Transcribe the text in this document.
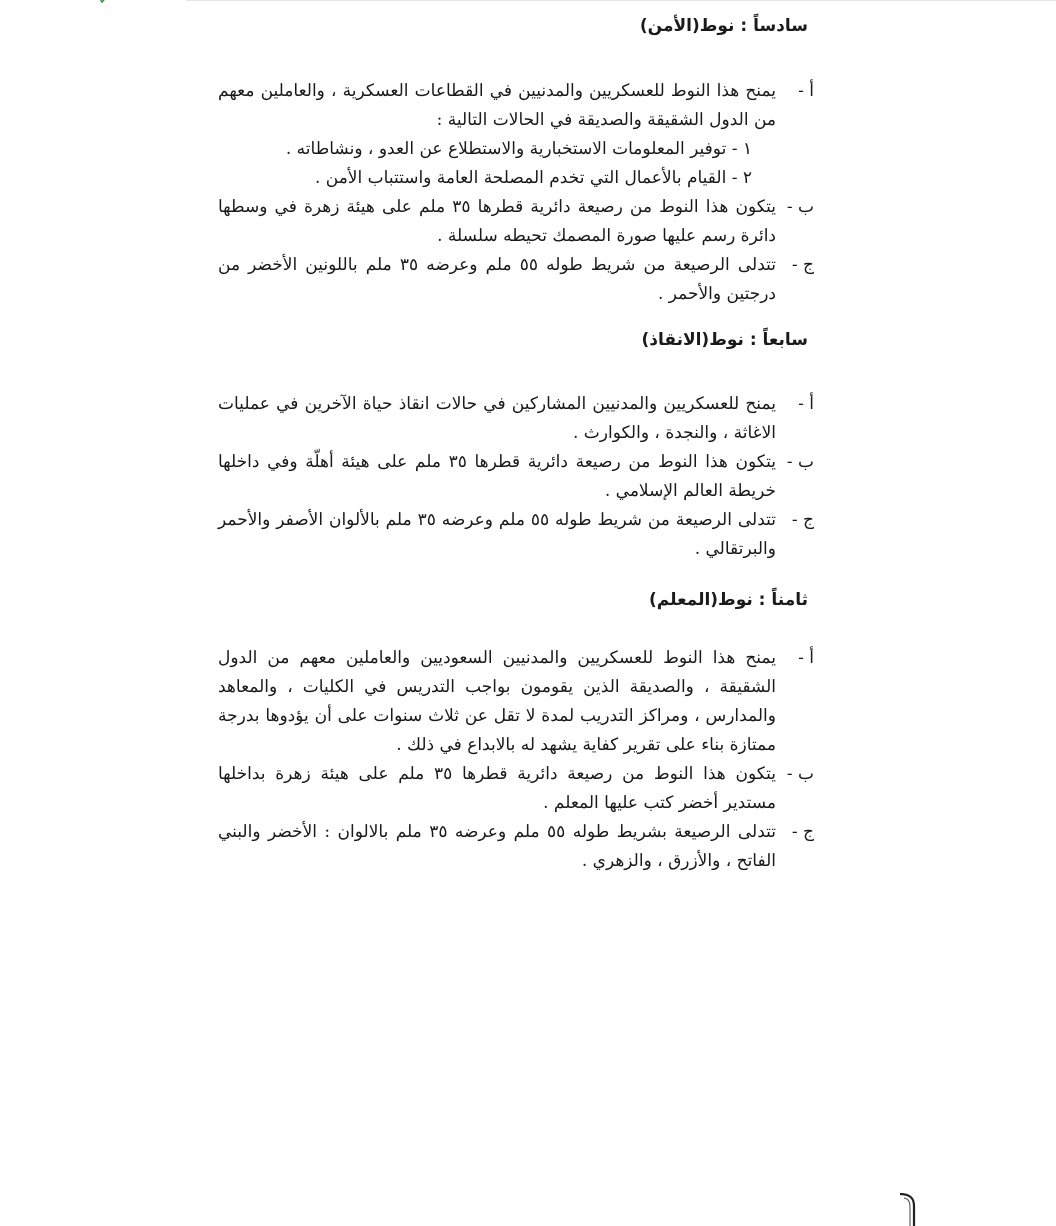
سادساً : نوط(الأمن)
أ -
يمنح هذا النوط للعسكريين والمدنيين في القطاعات العسكرية ، والعاملين معهم من الدول الشقيقة والصديقة في الحالات التالية :
١ - توفير المعلومات الاستخبارية والاستطلاع عن العدو ، ونشاطاته .
٢ - القيام بالأعمال التي تخدم المصلحة العامة واستتباب الأمن .
ب -
يتكون هذا النوط من رصيعة دائرية قطرها ٣٥ ملم على هيئة زهرة في وسطها دائرة رسم عليها صورة المصمك تحيطه سلسلة .
ج -
تتدلى الرصيعة من شريط طوله ٥٥ ملم وعرضه ٣٥ ملم باللونين الأخضر من درجتين والأحمر .
سابعاً : نوط(الانقاذ)
أ -
يمنح للعسكريين والمدنيين المشاركين في حالات انقاذ حياة الآخرين في عمليات الاغاثة ، والنجدة ، والكوارث .
ب -
يتكون هذا النوط من رصيعة دائرية قطرها ٣٥ ملم على هيئة أهلّة وفي داخلها خريطة العالم الإسلامي .
ج -
تتدلى الرصيعة من شريط طوله ٥٥ ملم وعرضه ٣٥ ملم بالألوان الأصفر والأحمر والبرتقالي .
ثامناً : نوط(المعلم)
أ -
يمنح هذا النوط للعسكريين والمدنيين السعوديين والعاملين معهم من الدول الشقيقة ، والصديقة الذين يقومون بواجب التدريس في الكليات ، والمعاهد والمدارس ، ومراكز التدريب لمدة لا تقل عن ثلاث سنوات على أن يؤدوها بدرجة ممتازة بناء على تقرير كفاية يشهد له بالابداع في ذلك .
ب -
يتكون هذا النوط من رصيعة دائرية قطرها ٣٥ ملم على هيئة زهرة بداخلها مستدير أخضر كتب عليها المعلم .
ج -
تتدلى الرصيعة بشريط طوله ٥٥ ملم وعرضه ٣٥ ملم بالالوان : الأخضر والبني الفاتح ، والأزرق ، والزهري .
